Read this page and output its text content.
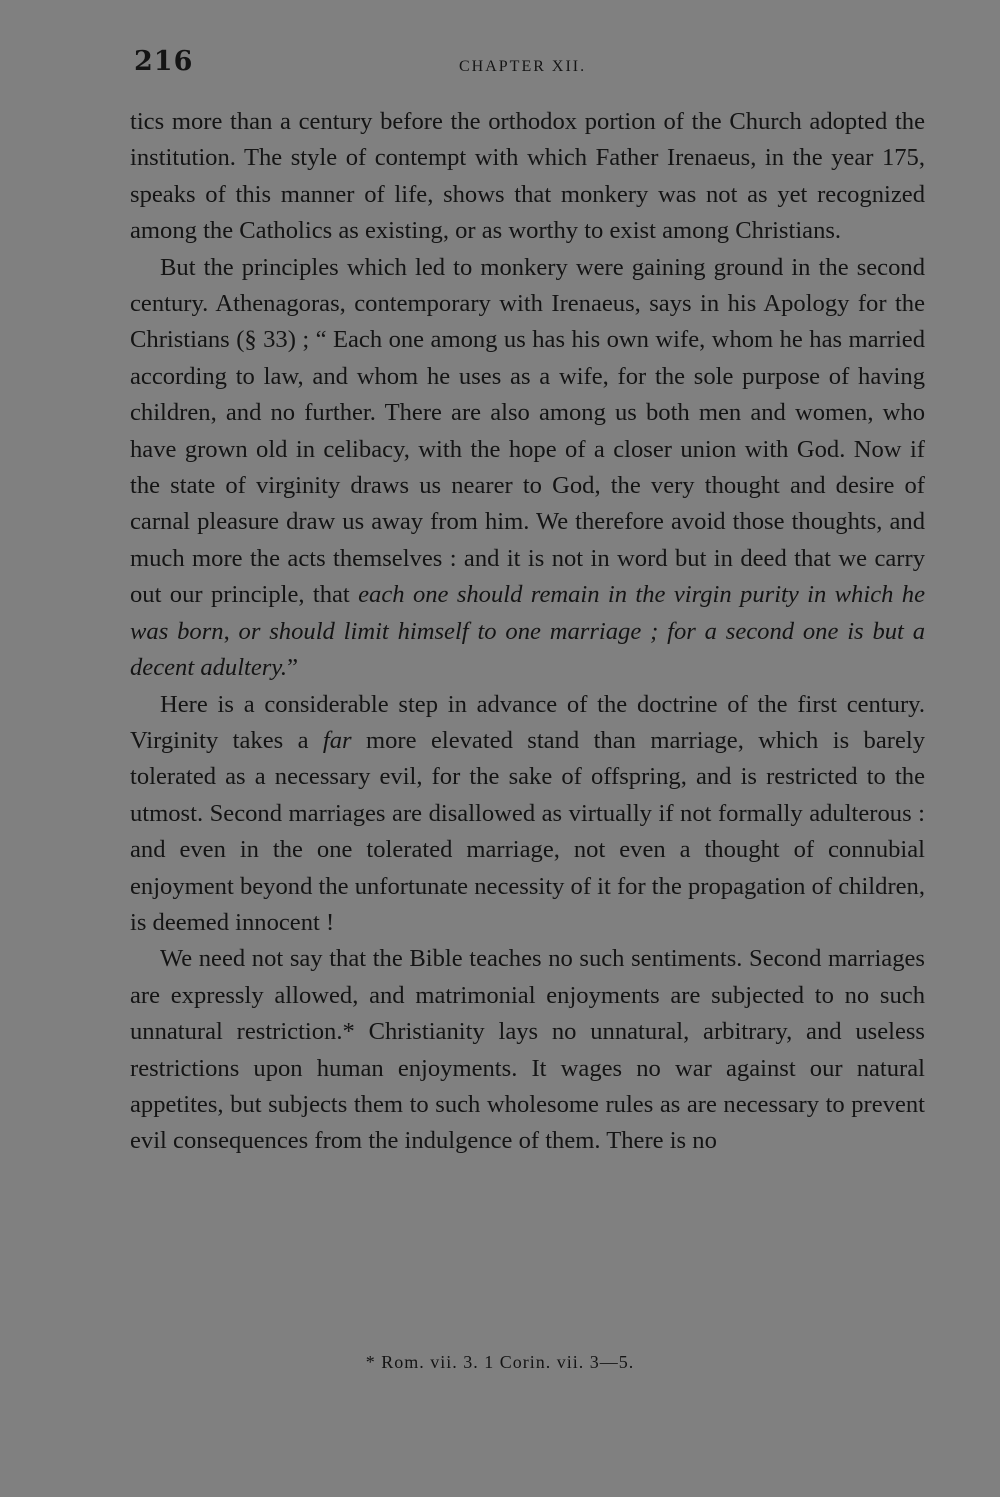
216	CHAPTER XII.

tics more than a century before the orthodox portion of the Church adopted the institution. The style of contempt with which Father Irenaeus, in the year 175, speaks of this manner of life, shows that monkery was not as yet recognized among the Catholics as existing, or as worthy to exist among Christians.

But the principles which led to monkery were gaining ground in the second century. Athenagoras, contemporary with Irenaeus, says in his Apology for the Christians (§ 33) ; “ Each one among us has his own wife, whom he has married according to law, and whom he uses as a wife, for the sole purpose of having children, and no further. There are also among us both men and women, who have grown old in celibacy, with the hope of a closer union with God. Now if the state of virginity draws us nearer to God, the very thought and desire of carnal pleasure draw us away from him. We therefore avoid those thoughts, and much more the acts themselves : and it is not in word but in deed that we carry out our principle, that each one should remain in the virgin purity in which he was born, or should limit himself to one marriage ; for a second one is but a decent adultery.”

Here is a considerable step in advance of the doctrine of the first century. Virginity takes a far more elevated stand than marriage, which is barely tolerated as a necessary evil, for the sake of offspring, and is restricted to the utmost. Second marriages are disallowed as virtually if not formally adulterous : and even in the one tolerated marriage, not even a thought of connubial enjoyment beyond the unfortunate necessity of it for the propagation of children, is deemed innocent !

We need not say that the Bible teaches no such sentiments. Second marriages are expressly allowed, and matrimonial enjoyments are subjected to no such unnatural restriction.* Christianity lays no unnatural, arbitrary, and useless restrictions upon human enjoyments. It wages no war against our natural appetites, but subjects them to such wholesome rules as are necessary to prevent evil consequences from the indulgence of them. There is no

* Rom. vii. 3. 1 Corin. vii. 3—5.
